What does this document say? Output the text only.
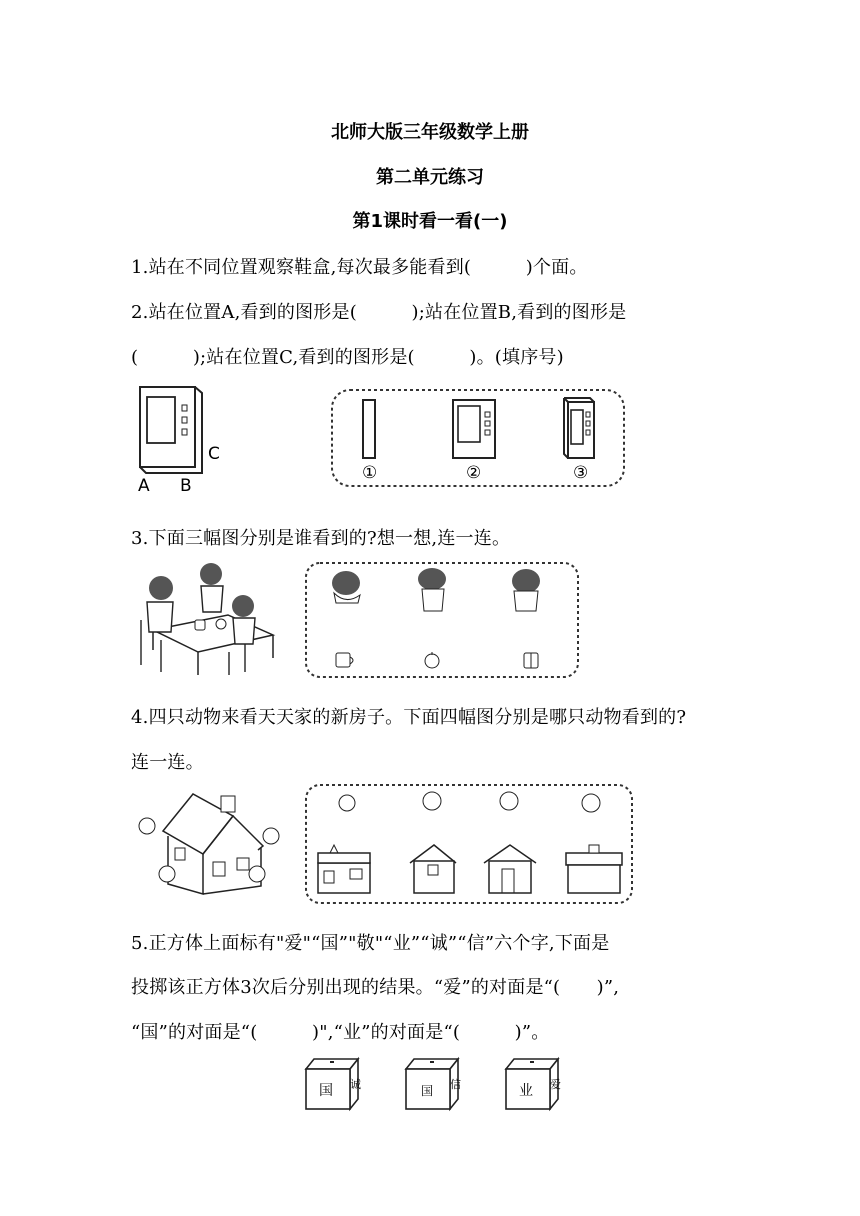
北师大版三年级数学上册
第二单元练习
第1课时看一看(一)
1.站在不同位置观察鞋盒,每次最多能看到(　　　)个面。
2.站在位置A,看到的图形是(　　　);站在位置B,看到的图形是
(　　　);站在位置C,看到的图形是(　　　)。(填序号)
A B
C
①	②	③
3.下面三幅图分别是谁看到的?想一想,连一连。
4.四只动物来看天天家的新房子。下面四幅图分别是哪只动物看到的?
连一连。
5.正方体上面标有"爱"“国”"敬"“业”“诚”“信”六个字,下面是
投掷该正方体3次后分别出现的结果。“爱”的对面是“(　　)”,
“国”的对面是“(　　　)",“业”的对面是“(　　　)”。
国 诚	国 信	业 爱
